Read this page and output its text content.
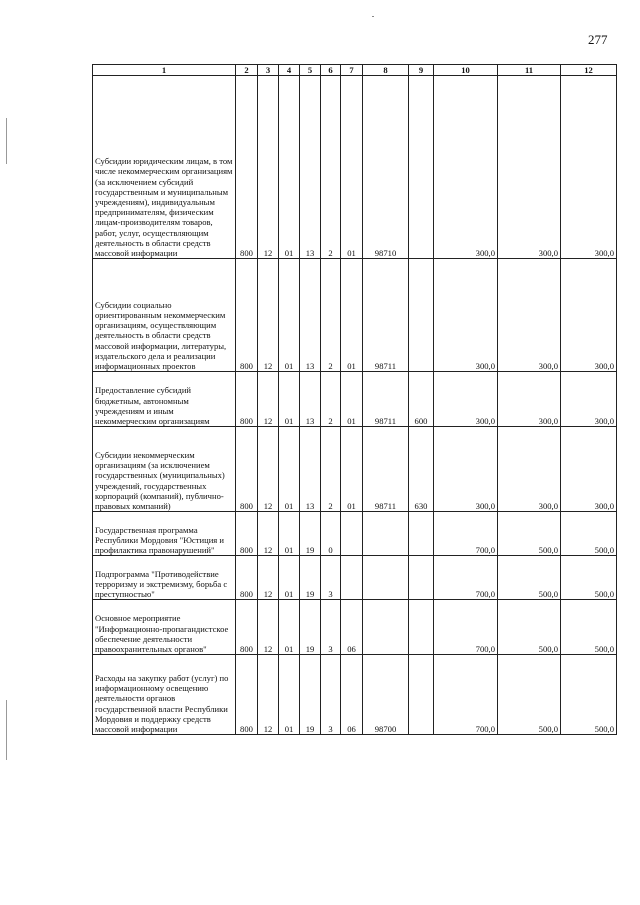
277
1	2	3	4	5	6	7	8	9	10	11	12
Субсидии юридическим лицам, в том числе некоммерческим организациям (за исключением субсидий государственным и муниципальным учреждениям), индивидуальным предпринимателям, физическим лицам-производителям товаров, работ, услуг, осуществляющим деятельность в области средств массовой информации	800	12	01	13	2	01	98710		300,0	300,0	300,0
Субсидии социально ориентированным некоммерческим организациям, осуществляющим деятельность в области средств массовой информации, литературы, издательского дела и реализации информационных проектов	800	12	01	13	2	01	98711		300,0	300,0	300,0
Предоставление субсидий бюджетным, автономным учреждениям и иным некоммерческим организациям	800	12	01	13	2	01	98711	600	300,0	300,0	300,0
Субсидии некоммерческим организациям (за исключением государственных (муниципальных) учреждений, государственных корпораций (компаний), публично-правовых компаний)	800	12	01	13	2	01	98711	630	300,0	300,0	300,0
Государственная программа Республики Мордовия "Юстиция и профилактика правонарушений"	800	12	01	19	0				700,0	500,0	500,0
Подпрограмма "Противодействие терроризму и экстремизму, борьба с преступностью"	800	12	01	19	3				700,0	500,0	500,0
Основное мероприятие "Информационно-пропагандистское обеспечение деятельности правоохранительных органов"	800	12	01	19	3	06			700,0	500,0	500,0
Расходы на закупку работ (услуг) по информационному освещению деятельности органов государственной власти Республики Мордовия и поддержку средств массовой информации	800	12	01	19	3	06	98700		700,0	500,0	500,0
